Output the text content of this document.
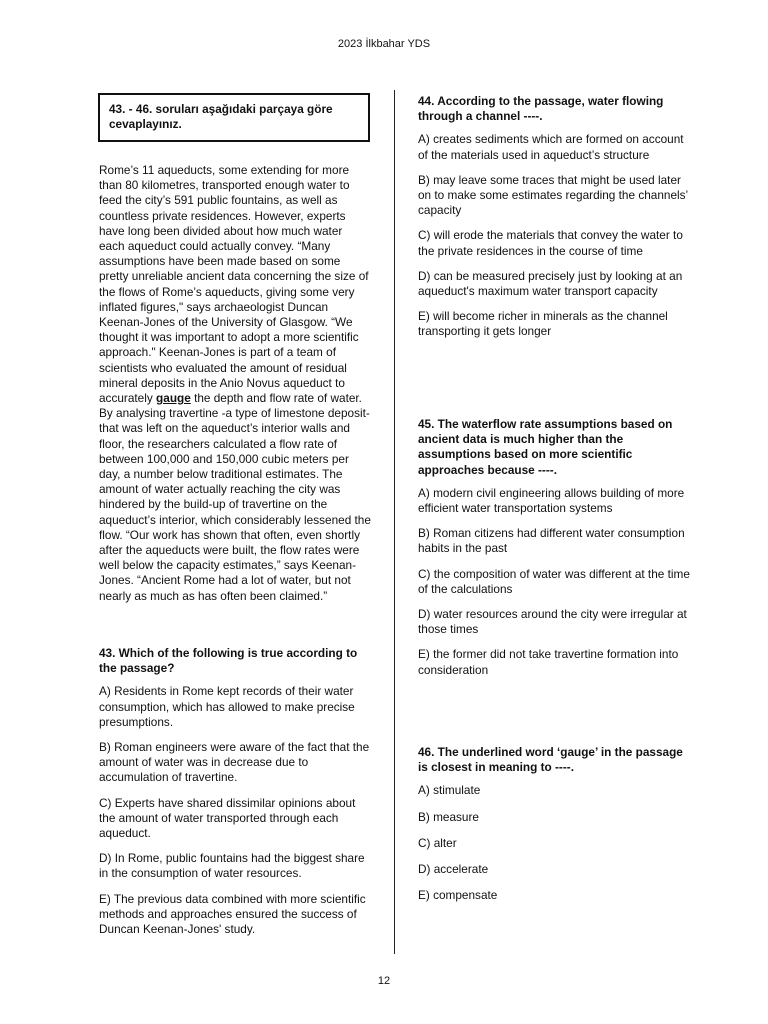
2023 İlkbahar YDS
43. - 46. soruları aşağıdaki parçaya göre cevaplayınız.
Rome’s 11 aqueducts, some extending for more than 80 kilometres, transported enough water to feed the city’s 591 public fountains, as well as countless private residences. However, experts have long been divided about how much water each aqueduct could actually convey. “Many assumptions have been made based on some pretty unreliable ancient data concerning the size of the flows of Rome’s aqueducts, giving some very inflated figures," says archaeologist Duncan Keenan-Jones of the University of Glasgow. “We thought it was important to adopt a more scientific approach." Keenan-Jones is part of a team of scientists who evaluated the amount of residual mineral deposits in the Anio Novus aqueduct to accurately gauge the depth and flow rate of water. By analysing travertine -a type of limestone deposit- that was left on the aqueduct’s interior walls and floor, the researchers calculated a flow rate of between 100,000 and 150,000 cubic meters per day, a number below traditional estimates. The amount of water actually reaching the city was hindered by the build-up of travertine on the aqueduct’s interior, which considerably lessened the flow. “Our work has shown that often, even shortly after the aqueducts were built, the flow rates were well below the capacity estimates,” says Keenan-Jones. “Ancient Rome had a lot of water, but not nearly as much as has often been claimed.”
43. Which of the following is true according to the passage?
A) Residents in Rome kept records of their water consumption, which has allowed to make precise presumptions.
B) Roman engineers were aware of the fact that the amount of water was in decrease due to accumulation of travertine.
C) Experts have shared dissimilar opinions about the amount of water transported through each aqueduct.
D) In Rome, public fountains had the biggest share in the consumption of water resources.
E) The previous data combined with more scientific methods and approaches ensured the success of Duncan Keenan-Jones' study.
44. According to the passage, water flowing through a channel ----.
A) creates sediments which are formed on account of the materials used in aqueduct’s structure
B) may leave some traces that might be used later on to make some estimates regarding the channels’ capacity
C) will erode the materials that convey the water to the private residences in the course of time
D) can be measured precisely just by looking at an aqueduct's maximum water transport capacity
E) will become richer in minerals as the channel transporting it gets longer
45. The waterflow rate assumptions based on ancient data is much higher than the assumptions based on more scientific approaches because ----.
A) modern civil engineering allows building of more efficient water transportation systems
B) Roman citizens had different water consumption habits in the past
C) the composition of water was different at the time of the calculations
D) water resources around the city were irregular at those times
E) the former did not take travertine formation into consideration
46. The underlined word ‘gauge’ in the passage is closest in meaning to ----.
A) stimulate
B) measure
C) alter
D) accelerate
E) compensate
12
